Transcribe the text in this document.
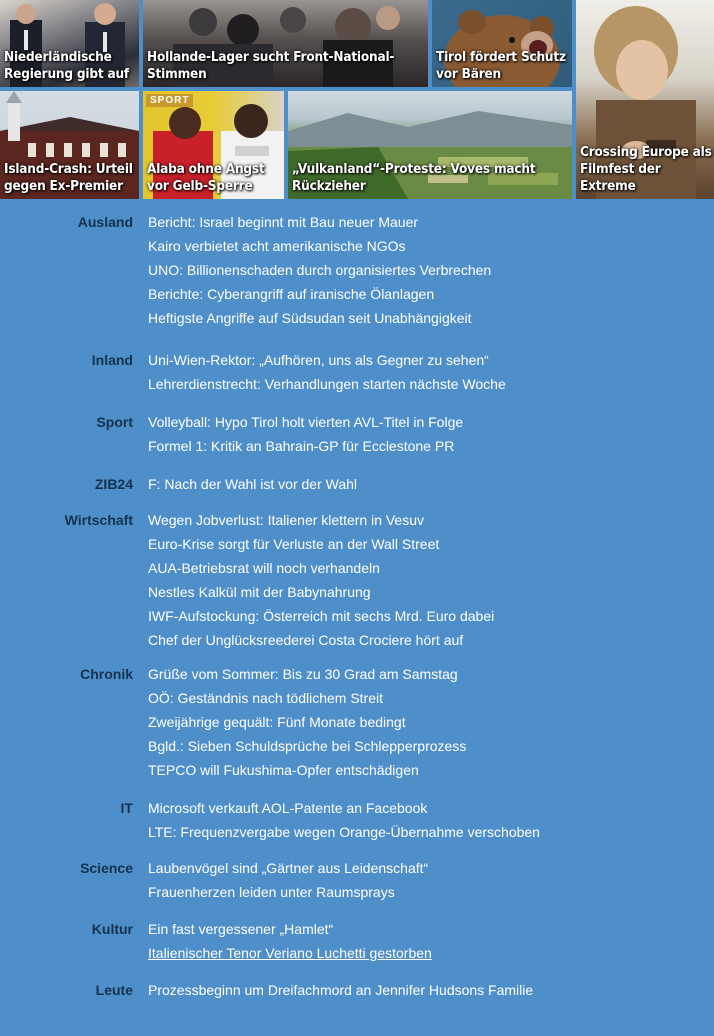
Niederländische Regierung gibt auf
Hollande-Lager sucht Front-National-Stimmen
Tirol fördert Schutz vor Bären
Crossing Europe als Filmfest der Extreme
Island-Crash: Urteil gegen Ex-Premier
SPORT
Alaba ohne Angst vor Gelb-Sperre
„Vulkanland“-Proteste: Voves macht Rückzieher
Ausland Bericht: Israel beginnt mit Bau neuer Mauer
Kairo verbietet acht amerikanische NGOs
UNO: Billionenschaden durch organisiertes Verbrechen
Berichte: Cyberangriff auf iranische Ölanlagen
Heftigste Angriffe auf Südsudan seit Unabhängigkeit
Inland Uni-Wien-Rektor: „Aufhören, uns als Gegner zu sehen“
Lehrerdienstrecht: Verhandlungen starten nächste Woche
Sport Volleyball: Hypo Tirol holt vierten AVL-Titel in Folge
Formel 1: Kritik an Bahrain-GP für Ecclestone PR
ZIB24 F: Nach der Wahl ist vor der Wahl
Wirtschaft Wegen Jobverlust: Italiener klettern in Vesuv
Euro-Krise sorgt für Verluste an der Wall Street
AUA-Betriebsrat will noch verhandeln
Nestles Kalkül mit der Babynahrung
IWF-Aufstockung: Österreich mit sechs Mrd. Euro dabei
Chef der Unglücksreederei Costa Crociere hört auf
Chronik Grüße vom Sommer: Bis zu 30 Grad am Samstag
OÖ: Geständnis nach tödlichem Streit
Zweijährige gequält: Fünf Monate bedingt
Bgld.: Sieben Schuldsprüche bei Schlepperprozess
TEPCO will Fukushima-Opfer entschädigen
IT Microsoft verkauft AOL-Patente an Facebook
LTE: Frequenzvergabe wegen Orange-Übernahme verschoben
Science Laubenvögel sind „Gärtner aus Leidenschaft“
Frauenherzen leiden unter Raumsprays
Kultur Ein fast vergessener „Hamlet“
Italienischer Tenor Veriano Luchetti gestorben
Leute Prozessbeginn um Dreifachmord an Jennifer Hudsons Familie
